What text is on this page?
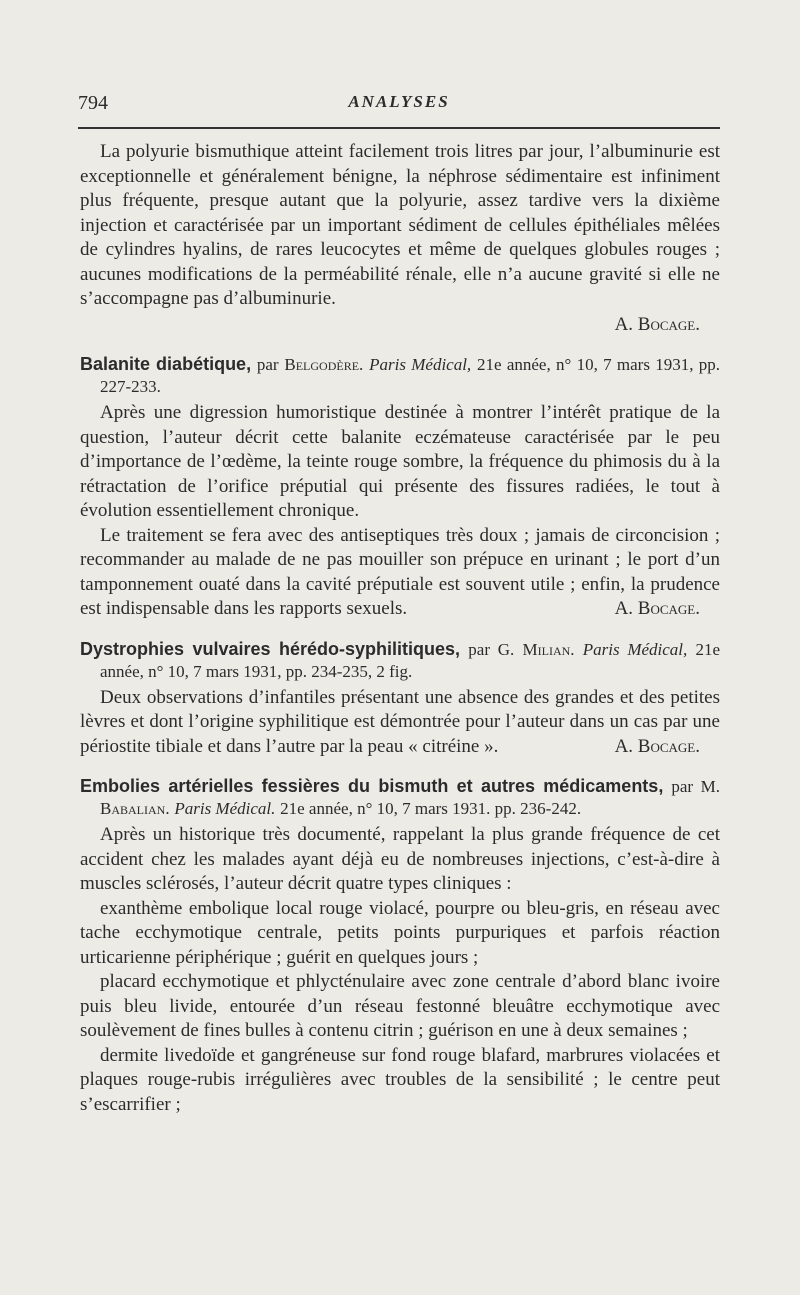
794	ANALYSES

La polyurie bismuthique atteint facilement trois litres par jour, l’albuminurie est exceptionnelle et généralement bénigne, la néphrose sédimentaire est infiniment plus fréquente, presque autant que la polyurie, assez tardive vers la dixième injection et caractérisée par un important sédiment de cellules épithéliales mêlées de cylindres hyalins, de rares leucocytes et même de quelques globules rouges ; aucunes modifications de la perméabilité rénale, elle n’a aucune gravité si elle ne s’accompagne pas d’albuminurie.

A. Bocage.

Balanite diabétique, par Belgodère. Paris Médical, 21e année, n° 10, 7 mars 1931, pp. 227-233.

Après une digression humoristique destinée à montrer l’intérêt pratique de la question, l’auteur décrit cette balanite eczémateuse caractérisée par le peu d’importance de l’œdème, la teinte rouge sombre, la fréquence du phimosis du à la rétractation de l’orifice préputial qui présente des fissures radiées, le tout à évolution essentiellement chronique.

Le traitement se fera avec des antiseptiques très doux ; jamais de circoncision ; recommander au malade de ne pas mouiller son prépuce en urinant ; le port d’un tamponnement ouaté dans la cavité préputiale est souvent utile ; enfin, la prudence est indispensable dans les rapports sexuels.	A. Bocage.

Dystrophies vulvaires hérédo-syphilitiques, par G. Milian. Paris Médical, 21e année, n° 10, 7 mars 1931, pp. 234-235, 2 fig.

Deux observations d’infantiles présentant une absence des grandes et des petites lèvres et dont l’origine syphilitique est démontrée pour l’auteur dans un cas par une périostite tibiale et dans l’autre par la peau « citréine ».	A. Bocage.

Embolies artérielles fessières du bismuth et autres médicaments, par M. Babalian. Paris Médical. 21e année, n° 10, 7 mars 1931. pp. 236-242.

Après un historique très documenté, rappelant la plus grande fréquence de cet accident chez les malades ayant déjà eu de nombreuses injections, c’est-à-dire à muscles sclérosés, l’auteur décrit quatre types cliniques :

exanthème embolique local rouge violacé, pourpre ou bleu-gris, en réseau avec tache ecchymotique centrale, petits points purpuriques et parfois réaction urticarienne périphérique ; guérit en quelques jours ;

placard ecchymotique et phlycténulaire avec zone centrale d’abord blanc ivoire puis bleu livide, entourée d’un réseau festonné bleuâtre ecchymotique avec soulèvement de fines bulles à contenu citrin ; guérison en une à deux semaines ;

dermite livedoïde et gangréneuse sur fond rouge blafard, marbrures violacées et plaques rouge-rubis irrégulières avec troubles de la sensibilité ; le centre peut s’escarrifier ;
